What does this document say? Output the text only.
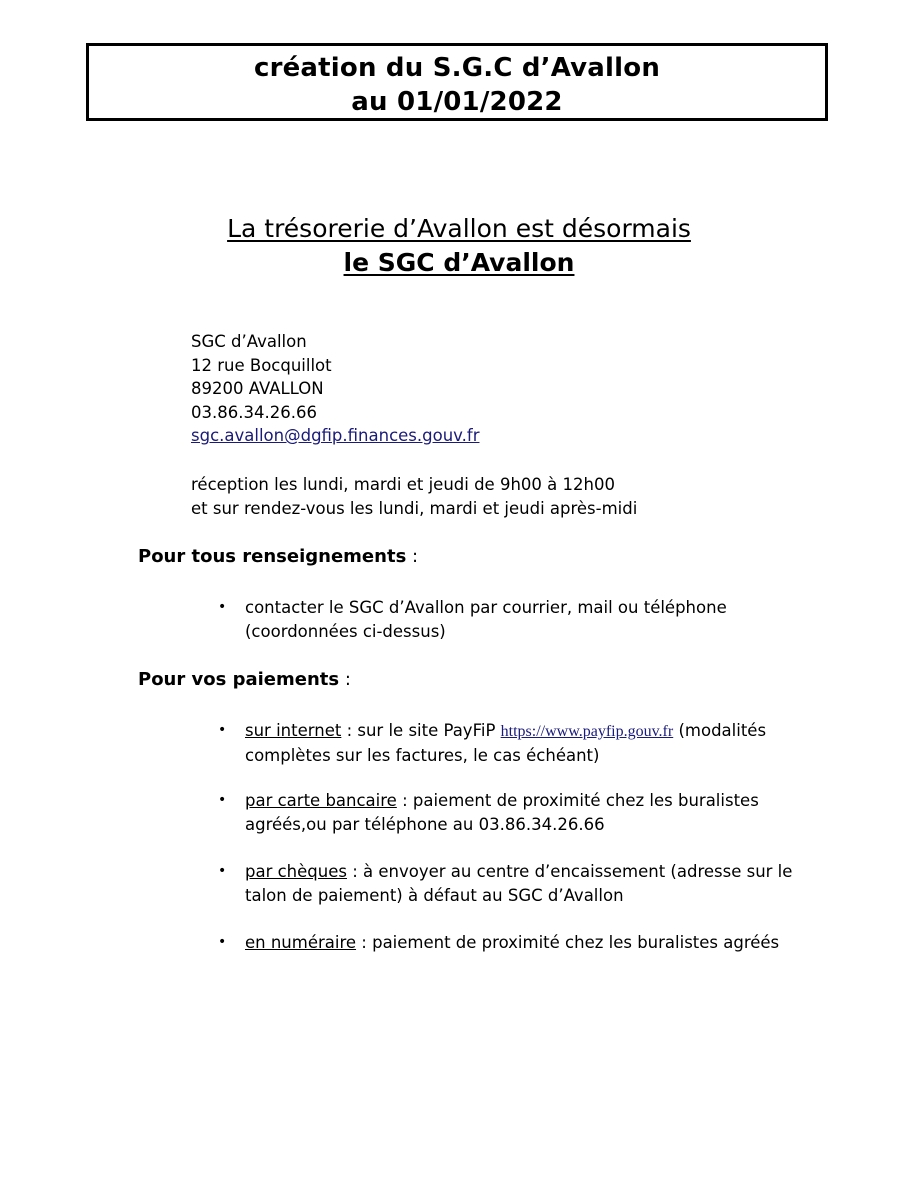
création du S.G.C d’Avallon
au 01/01/2022
La trésorerie d’Avallon est désormais
le SGC d’Avallon
SGC d’Avallon
12 rue Bocquillot
89200 AVALLON
03.86.34.26.66
sgc.avallon@dgfip.finances.gouv.fr
réception les lundi, mardi et jeudi de 9h00 à 12h00
et sur rendez-vous les lundi, mardi et jeudi après-midi
Pour tous renseignements :
• contacter le SGC d’Avallon par courrier, mail ou téléphone
(coordonnées ci-dessus)
Pour vos paiements :
• sur internet : sur le site PayFiP https://www.payfip.gouv.fr (modalités
complètes sur les factures, le cas échéant)
• par carte bancaire : paiement de proximité chez les buralistes
agréés,ou par téléphone au 03.86.34.26.66
• par chèques : à envoyer au centre d’encaissement (adresse sur le
talon de paiement) à défaut au SGC d’Avallon
• en numéraire : paiement de proximité chez les buralistes agréés
